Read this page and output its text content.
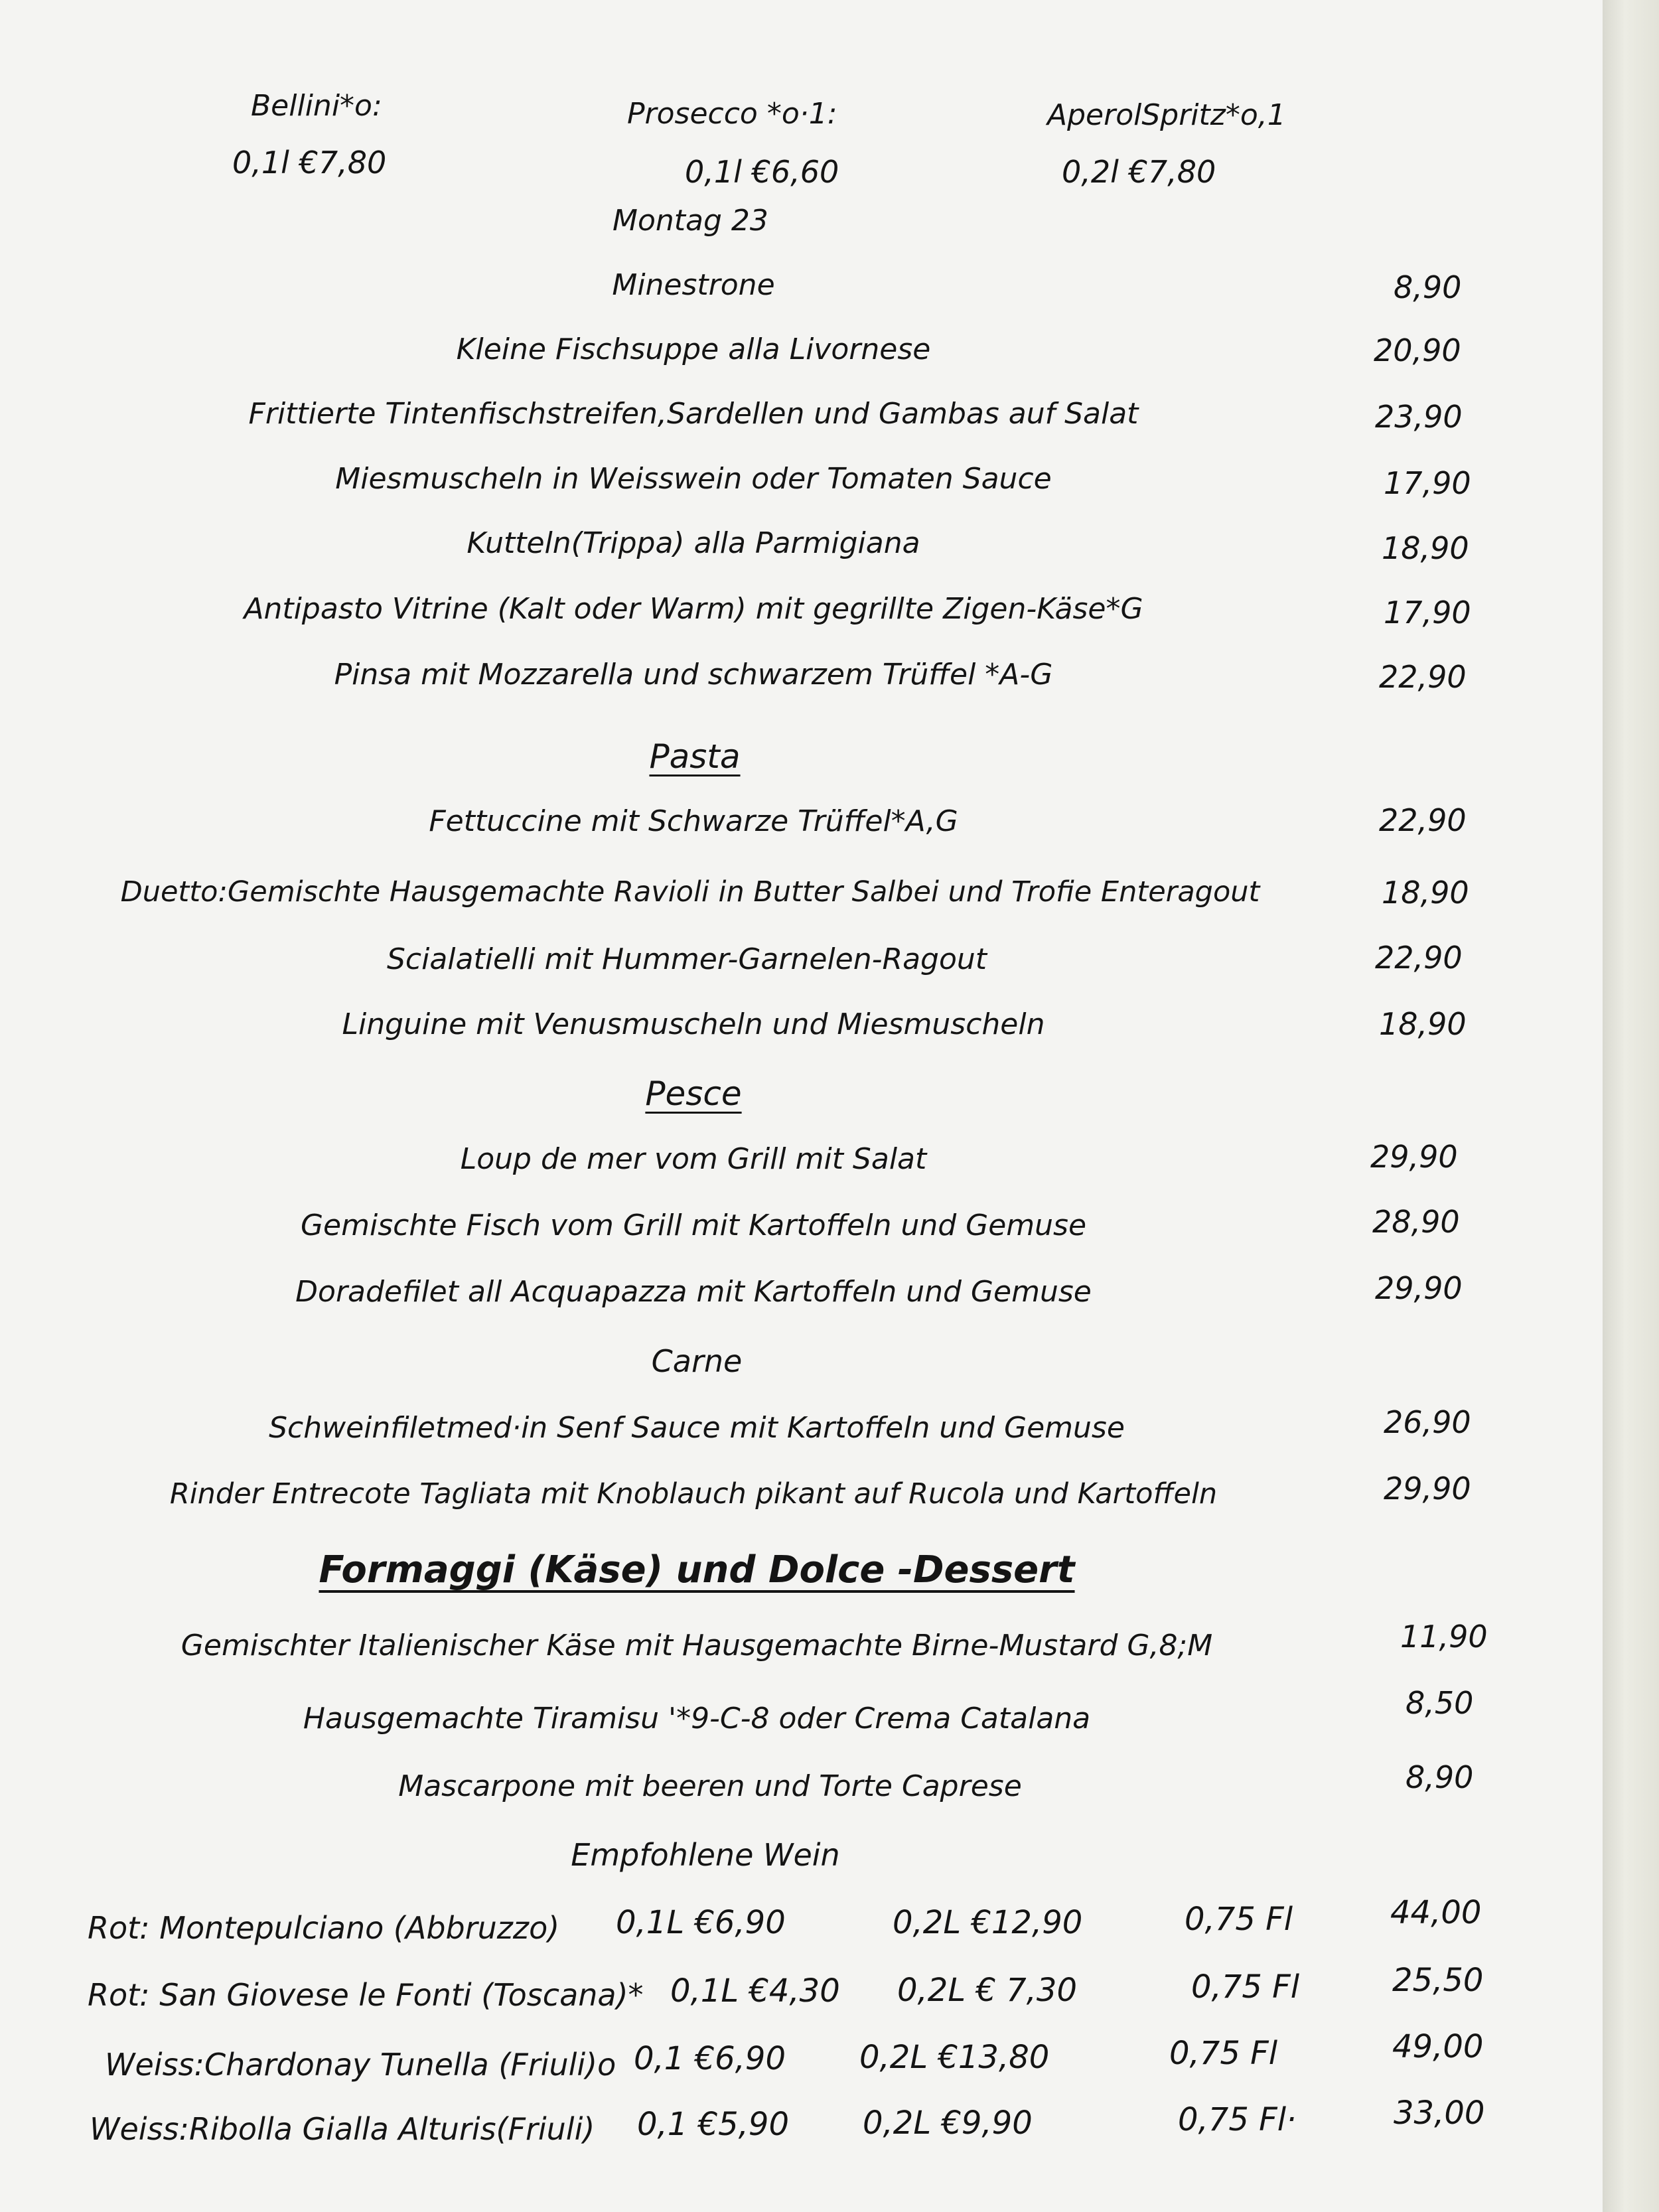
Bellini*o:
0,1l €7,80
Prosecco *o·1:
0,1l €6,60
AperolSpritz*o,1
0,2l €7,80
Montag 23
Minestrone	8,90
Kleine Fischsuppe alla Livornese	20,90
Frittierte Tintenfischstreifen,Sardellen und Gambas auf Salat	23,90
Miesmuscheln in Weisswein oder Tomaten Sauce	17,90
Kutteln(Trippa) alla Parmigiana	18,90
Antipasto Vitrine (Kalt oder Warm) mit gegrillte Zigen-Käse*G	17,90
Pinsa mit Mozzarella und schwarzem Trüffel *A-G	22,90
Pasta
Fettuccine mit Schwarze Trüffel*A,G	22,90
Duetto:Gemischte Hausgemachte Ravioli in Butter Salbei und Trofie Enteragout	18,90
Scialatielli mit Hummer-Garnelen-Ragout	22,90
Linguine mit Venusmuscheln und Miesmuscheln	18,90
Pesce
Loup de mer vom Grill mit Salat	29,90
Gemischte Fisch vom Grill mit Kartoffeln und Gemuse	28,90
Doradefilet all Acquapazza mit Kartoffeln und Gemuse	29,90
Carne
Schweinfiletmed·in Senf Sauce mit Kartoffeln und Gemuse	26,90
Rinder Entrecote Tagliata mit Knoblauch pikant auf Rucola und Kartoffeln	29,90
Formaggi (Käse) und Dolce -Dessert
Gemischter Italienischer Käse mit Hausgemachte Birne-Mustard G,8;M	11,90
Hausgemachte Tiramisu '*9-C-8 oder Crema Catalana	8,50
Mascarpone mit beeren und Torte Caprese	8,90
Empfohlene Wein
Rot: Montepulciano (Abbruzzo) 0,1L €6,90	0,2L €12,90	0,75 Fl	44,00
Rot: San Giovese le Fonti (Toscana)* 0,1L €4,30 0,2L € 7,30	0,75 Fl	25,50
Weiss:Chardonay Tunella (Friuli)o 0,1 €6,90 0,2L €13,80	0,75 Fl	49,00
Weiss:Ribolla Gialla Alturis(Friuli) 0,1 €5,90 0,2L €9,90	0,75 Fl·	33,00
